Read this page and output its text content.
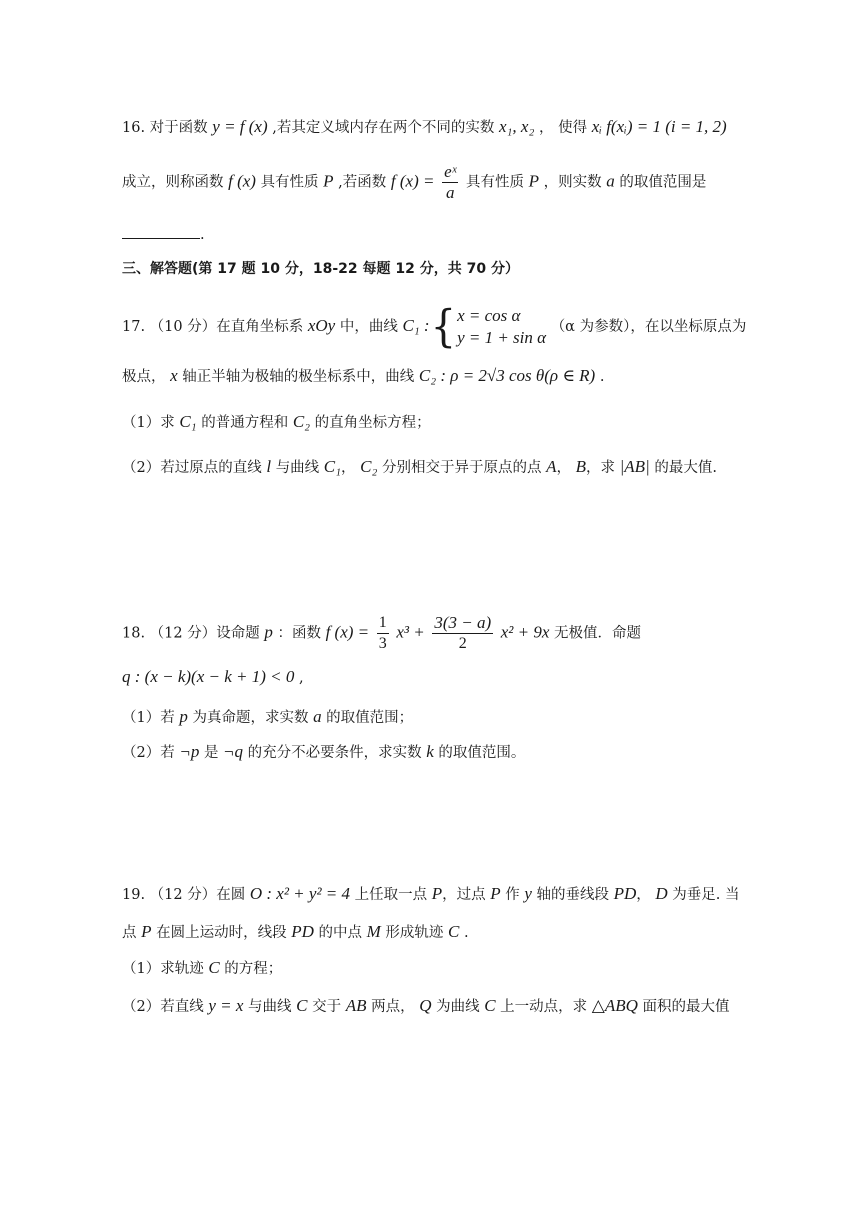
16. 对于函数 y = f (x) ,若其定义域内存在两个不同的实数 x₁, x₂ ， 使得 xᵢ f(xᵢ) = 1 (i = 1, 2)
成立，则称函数 f (x) 具有性质 P ,若函数 f $(x) = \frac{\text{eˣ}}{a}$ 具有性质 P ，则实数 a 的取值范围是
.
三、解答题(第 17 题 10 分，18-22 每题 12 分，共 70 分）
17. （10 分）在直角坐标系 xOy 中，曲线 C₁ :{ x = cos α
y = 1 + sin α
（α 为参数），在以坐标原点为
极点， x 轴正半轴为极轴的极坐标系中，曲线 C₂ : ρ = 2√3 cos θ(ρ ∈ R) .
（1）求 C₁ 的普通方程和 C₂ 的直角坐标方程；
（2）若过原点的直线 l 与曲线 C₁， C₂ 分别相交于异于原点的点 A， B，求 |AB| 的最大值.
18. （12 分）设命题 p ：函数 f $(x) = \frac{1}{3} x^3 + \frac{3(3 - a)}{2} x^2 + 9x$ 无极值．命题
q : (x − k)(x − k + 1) < 0 ,
（1）若 p 为真命题，求实数 a 的取值范围；
（2）若 ¬p 是 ¬q 的充分不必要条件，求实数 k 的取值范围。
19. （12 分）在圆 O : x² + y² = 4 上任取一点 P，过点 P 作 y 轴的垂线段 PD， D 为垂足. 当
点 P 在圆上运动时，线段 PD 的中点 M 形成轨迹 C .
（1）求轨迹 C 的方程；
（2）若直线 y = x 与曲线 C 交于 AB 两点， Q 为曲线 C 上一动点，求 △ABQ 面积的最大值
